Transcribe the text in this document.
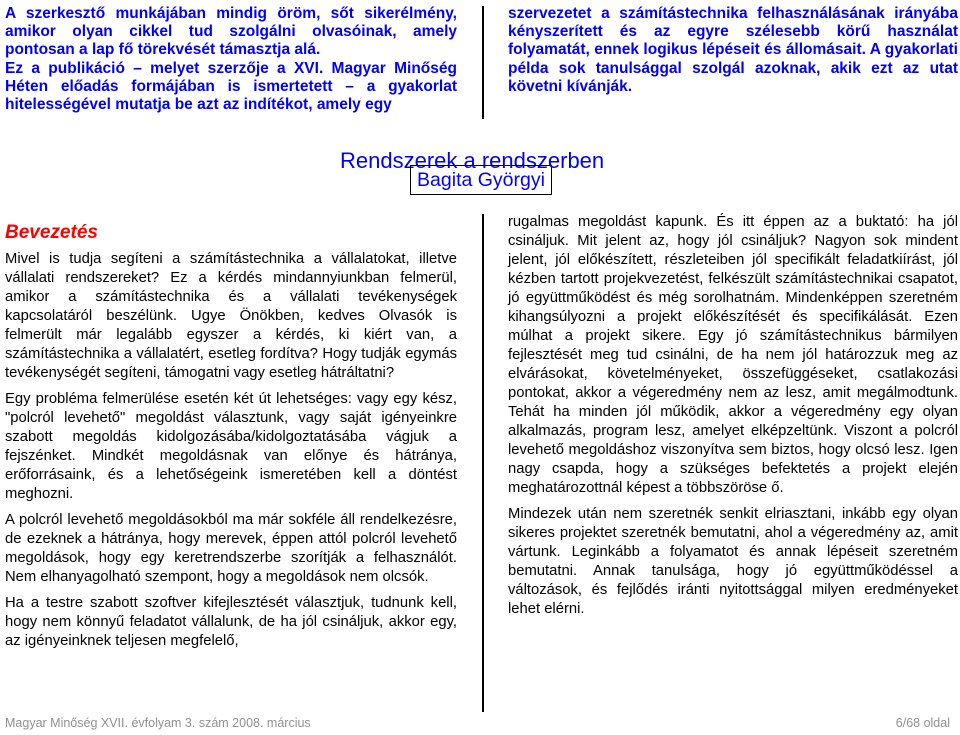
A szerkesztő munkájában mindig öröm, sőt sikerélmény, amikor olyan cikkel tud szolgálni olvasóinak, amely pontosan a lap fő törekvését támasztja alá.

Ez a publikáció – melyet szerzője a XVI. Magyar Minőség Héten előadás formájában is ismertetett – a gyakorlat hitelességével mutatja be azt az indítékot, amely egy

szervezetet a számítástechnika felhasználásának irányába kényszerített és az egyre szélesebb körű használat folyamatát, ennek logikus lépéseit és állomásait. A gyakorlati példa sok tanulsággal szolgál azoknak, akik ezt az utat követni kívánják.

Rendszerek a rendszerben
Bagita Györgyi
Bevezetés

Mivel is tudja segíteni a számítástechnika a vállalatokat, illetve vállalati rendszereket? Ez a kérdés mindannyiunkban felmerül, amikor a számítástechnika és a vállalati tevékenységek kapcsolatáról beszélünk. Ugye Önökben, kedves Olvasók is felmerült már legalább egyszer a kérdés, ki kiért van, a számítástechnika a vállalatért, esetleg fordítva? Hogy tudják egymás tevékenységét segíteni, támogatni vagy esetleg hátráltatni?

Egy probléma felmerülése esetén két út lehetséges: vagy egy kész, "polcról levehető" megoldást választunk, vagy saját igényeinkre szabott megoldás kidolgozásába/kidolgoztatásába vágjuk a fejszénket. Mindkét megoldásnak van előnye és hátránya, erőforrásaink, és a lehetőségeink ismeretében kell a döntést meghozni.

A polcról levehető megoldásokból ma már sokféle áll rendelkezésre, de ezeknek a hátránya, hogy merevek, éppen attól polcról levehető megoldások, hogy egy keretrendszerbe szorítják a felhasználót. Nem elhanyagolható szempont, hogy a megoldások nem olcsók.

Ha a testre szabott szoftver kifejlesztését választjuk, tudnunk kell, hogy nem könnyű feladatot vállalunk, de ha jól csináljuk, akkor egy, az igényeinknek teljesen megfelelő,

rugalmas megoldást kapunk. És itt éppen az a buktató: ha jól csináljuk. Mit jelent az, hogy jól csináljuk? Nagyon sok mindent jelent, jól előkészített, részleteiben jól specifikált feladatkiírást, jól kézben tartott projekvezetést, felkészült számítástechnikai csapatot, jó együttműködést és még sorolhatnám. Mindenképpen szeretném kihangsúlyozni a projekt előkészítését és specifikálását. Ezen múlhat a projekt sikere. Egy jó számítástechnikus bármilyen fejlesztését meg tud csinálni, de ha nem jól határozzuk meg az elvárásokat, követelményeket, összefüggéseket, csatlakozási pontokat, akkor a végeredmény nem az lesz, amit megálmodtunk. Tehát ha minden jól működik, akkor a végeredmény egy olyan alkalmazás, program lesz, amelyet elképzeltünk. Viszont a polcról levehető megoldáshoz viszonyítva sem biztos, hogy olcsó lesz. Igen nagy csapda, hogy a szükséges befektetés a projekt elején meghatározottnál képest a többszöröse ő.

Mindezek után nem szeretnék senkit elriasztani, inkább egy olyan sikeres projektet szeretnék bemutatni, ahol a végeredmény az, amit vártunk. Leginkább a folyamatot és annak lépéseit szeretném bemutatni. Annak tanulsága, hogy jó együttműködéssel a változások, és fejlődés iránti nyitottsággal milyen eredményeket lehet elérni.

Magyar Minőség XVII. évfolyam 3. szám 2008. március	6/68 oldal
